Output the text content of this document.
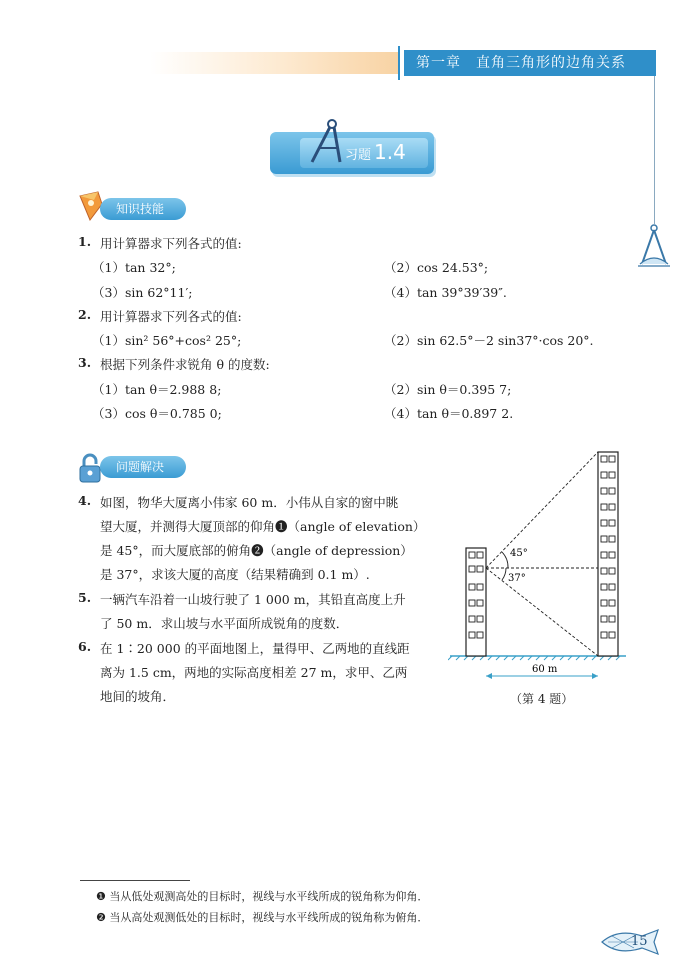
第一章　直角三角形的边角关系
习题 1.4
知识技能
1. 用计算器求下列各式的值:
（1）tan 32°;	（2）cos 24.53°;
（3）sin 62°11′;	（4）tan 39°39′39″.
2. 用计算器求下列各式的值:
（1）sin² 56°+cos² 25°;	（2）sin 62.5°－2 sin37°·cos 20°.
3. 根据下列条件求锐角 θ 的度数:
（1）tan θ＝2.988 8;	（2）sin θ＝0.395 7;
（3）cos θ＝0.785 0;	（4）tan θ＝0.897 2.
问题解决
4. 如图，物华大厦离小伟家 60 m．小伟从自家的窗中眺
望大厦，并测得大厦顶部的仰角❶（angle of elevation）
是 45°，而大厦底部的俯角❷（angle of depression）
是 37°，求该大厦的高度（结果精确到 0.1 m）.
5. 一辆汽车沿着一山坡行驶了 1 000 m，其铅直高度上升
了 50 m．求山坡与水平面所成锐角的度数．
6. 在 1∶20 000 的平面地图上，量得甲、乙两地的直线距
离为 1.5 cm，两地的实际高度相差 27 m，求甲、乙两
地间的坡角．
45°
37°
60 m
（第 4 题）
❶ 当从低处观测高处的目标时，视线与水平线所成的锐角称为仰角．
❷ 当从高处观测低处的目标时，视线与水平线所成的锐角称为俯角．
15
